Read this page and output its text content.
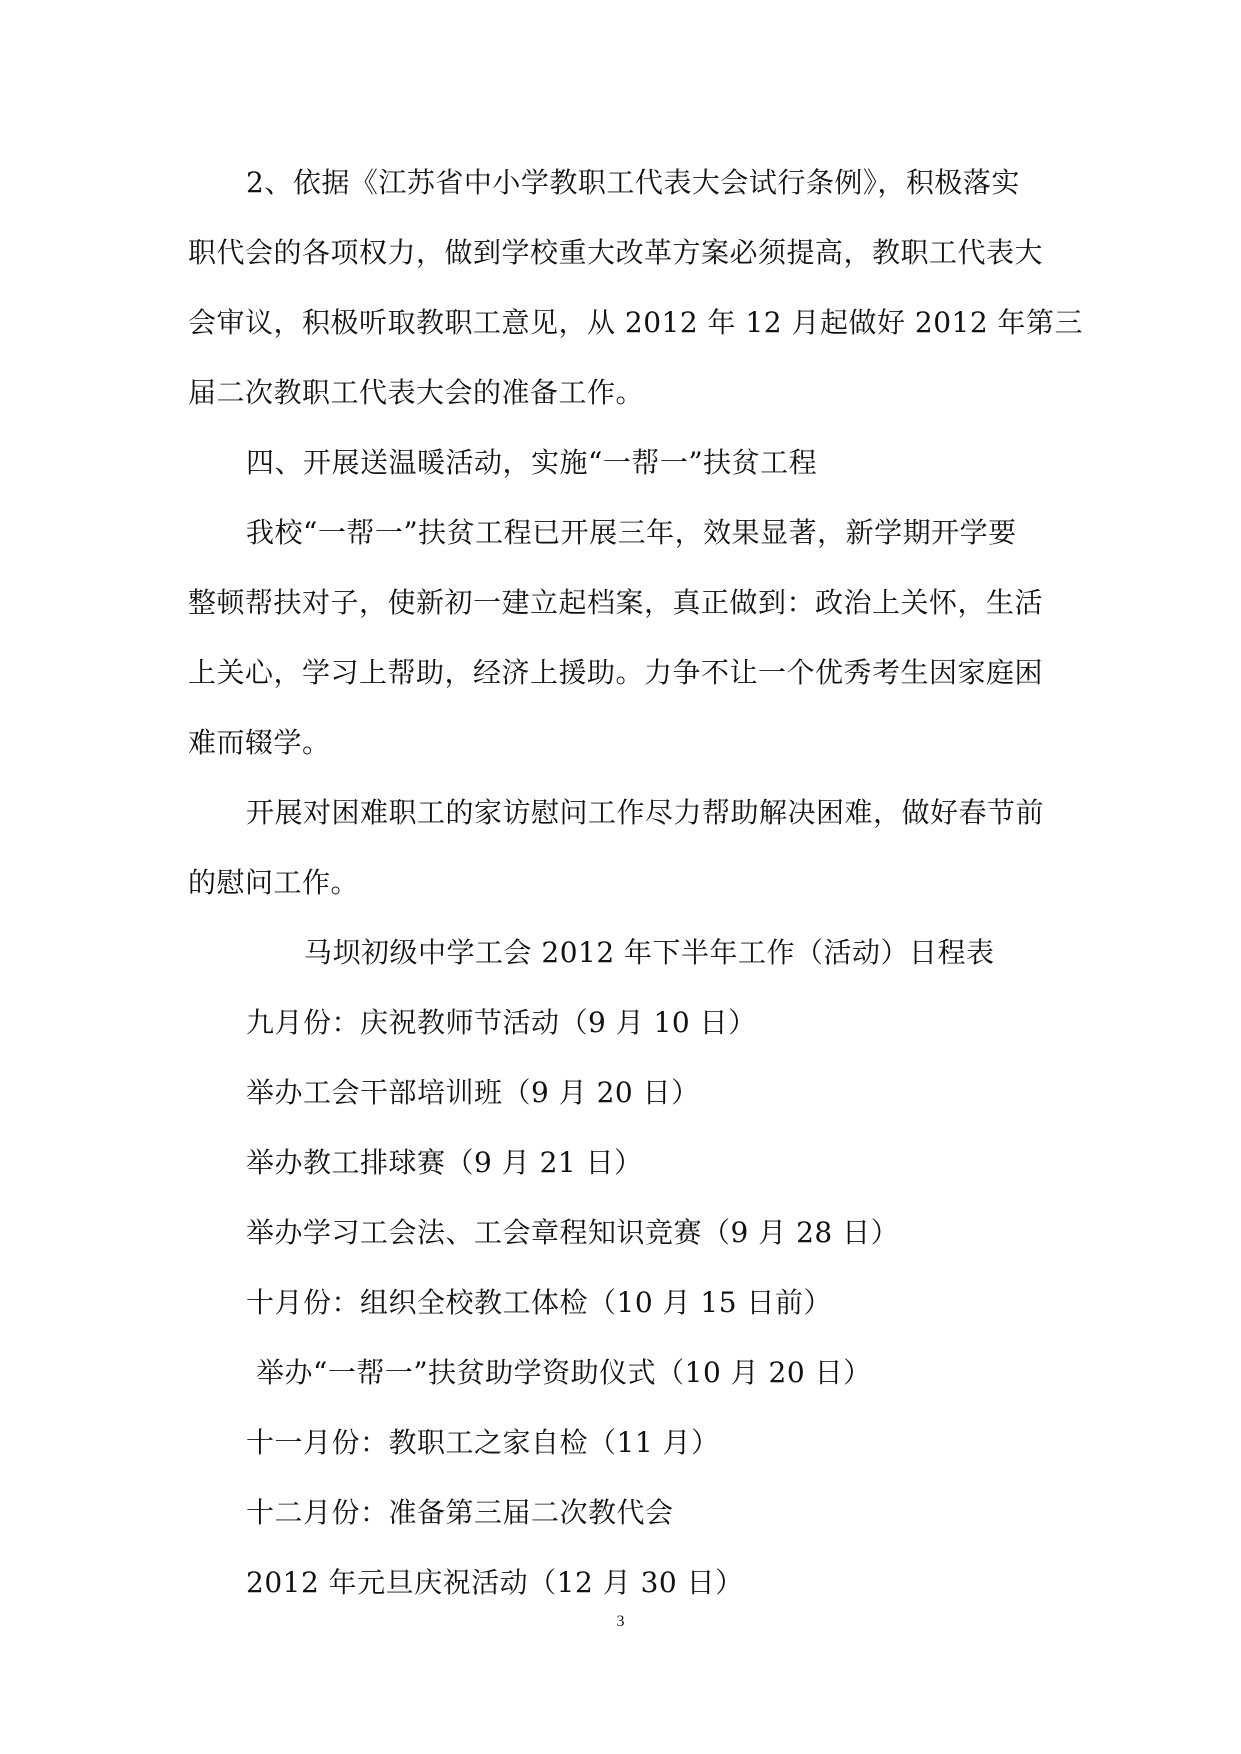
2、依据《江苏省中小学教职工代表大会试行条例》，积极落实
职代会的各项权力，做到学校重大改革方案必须提高，教职工代表大
会审议，积极听取教职工意见，从 2012 年 12 月起做好 2012 年第三
届二次教职工代表大会的准备工作。
四、开展送温暖活动，实施“一帮一”扶贫工程
我校“一帮一”扶贫工程已开展三年，效果显著，新学期开学要
整顿帮扶对子，使新初一建立起档案，真正做到：政治上关怀，生活
上关心，学习上帮助，经济上援助。力争不让一个优秀考生因家庭困
难而辍学。
开展对困难职工的家访慰问工作尽力帮助解决困难，做好春节前
的慰问工作。
马坝初级中学工会 2012 年下半年工作（活动）日程表
九月份：庆祝教师节活动（9 月 10 日）
举办工会干部培训班（9 月 20 日）
举办教工排球赛（9 月 21 日）
举办学习工会法、工会章程知识竞赛（9 月 28 日）
十月份：组织全校教工体检（10 月 15 日前）
举办“一帮一”扶贫助学资助仪式（10 月 20 日）
十一月份：教职工之家自检（11 月）
十二月份：准备第三届二次教代会
2012 年元旦庆祝活动（12 月 30 日）
3
